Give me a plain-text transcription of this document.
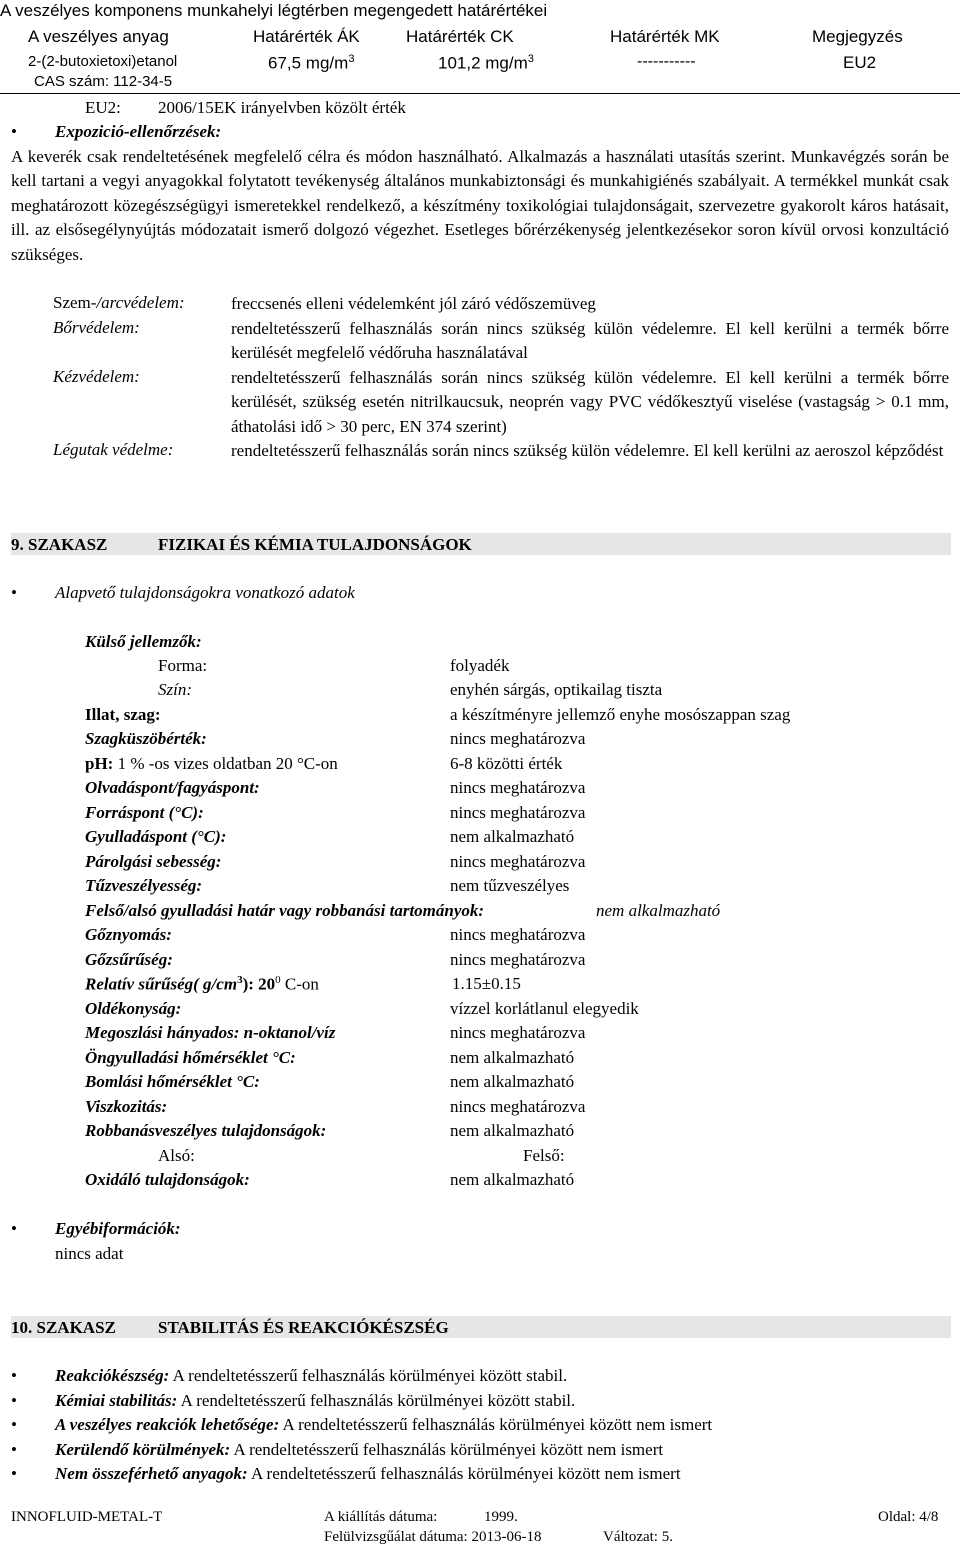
A veszélyes komponens munkahelyi légtérben megengedett határértékei
A veszélyes anyag	Határérték ÁK	Határérték CK	Határérték MK	Megjegyzés
2-(2-butoxietoxi)etanol
CAS szám: 112-34-5
67,5 $mg/m^3$	101,2 $mg/m^3$	-----------	EU2
EU2: 2006/15EK irányelvben közölt érték
• Expozició-ellenőrzések:
A keverék csak rendeltetésének megfelelő célra és módon használható. Alkalmazás a használati utasítás szerint. Munkavégzés során be kell tartani a vegyi anyagokkal folytatott tevékenység általános munkabiztonsági és munkahigiénés szabályait. A termékkel munkát csak meghatározott közegészségügyi ismeretekkel rendelkező, a készítmény toxikológiai tulajdonságait, szervezetre gyakorolt káros hatásait, ill. az elsősegélynyújtás módozatait ismerő dolgozó végezhet. Esetleges bőrérzékenység jelentkezésekor soron kívül orvosi konzultáció szükséges.
Szem-/arcvédelem:	freccsenés elleni védelemként jól záró védőszemüveg
Bőrvédelem:	rendeltetésszerű felhasználás során nincs szükség külön védelemre. El kell kerülni a termék bőrre kerülését megfelelő védőruha használatával
Kézvédelem:	rendeltetésszerű felhasználás során nincs szükség külön védelemre. El kell kerülni a termék bőrre kerülését, szükség esetén nitrilkaucsuk, neoprén vagy PVC védőkesztyű viselése (vastagság > 0.1 mm, áthatolási idő > 30 perc, EN 374 szerint)
Légutak védelme:	rendeltetésszerű felhasználás során nincs szükség külön védelemre. El kell kerülni az aeroszol képződést
9. SZAKASZ	FIZIKAI ÉS KÉMIA TULAJDONSÁGOK
• Alapvető tulajdonságokra vonatkozó adatok
Külső jellemzők:
Forma:	folyadék
Szín:	enyhén sárgás, optikailag tiszta
Illat, szag:	a készítményre jellemző enyhe mosószappan szag
Szagküszöbérték:	nincs meghatározva
pH: 1 % -os vizes oldatban 20 °C-on	6-8 közötti érték
Olvadáspont/fagyáspont:	nincs meghatározva
Forráspont (°C):	nincs meghatározva
Gyulladáspont (°C):	nem alkalmazható
Párolgási sebesség:	nincs meghatározva
Tűzveszélyesség:	nem tűzveszélyes
Felső/alsó gyulladási határ vagy robbanási tartományok:	nem alkalmazható
Gőznyomás:	nincs meghatározva
Gőzsűrűség:	nincs meghatározva
Relatív sűrűség( $g/cm^3$): $20^0$ C-on	1.15±0.15
Oldékonyság:	vízzel korlátlanul elegyedik
Megoszlási hányados: n-oktanol/víz	nincs meghatározva
Öngyulladási hőmérséklet °C:	nem alkalmazható
Bomlási hőmérséklet °C:	nem alkalmazható
Viszkozitás:	nincs meghatározva
Robbanásveszélyes tulajdonságok:	nem alkalmazható
Alsó:	Felső:
Oxidáló tulajdonságok:	nem alkalmazható
• Egyébiformációk:
nincs adat
10. SZAKASZ STABILITÁS ÉS REAKCIÓKÉSZSÉG
• Reakciókészség: A rendeltetésszerű felhasználás körülményei között stabil.
• Kémiai stabilitás: A rendeltetésszerű felhasználás körülményei között stabil.
• A veszélyes reakciók lehetősége: A rendeltetésszerű felhasználás körülményei között nem ismert
• Kerülendő körülmények: A rendeltetésszerű felhasználás körülményei között nem ismert
• Nem összeférhető anyagok: A rendeltetésszerű felhasználás körülményei között nem ismert
INNOFLUID-METAL-T	A kiállítás dátuma:	1999.	Oldal: 4/8
Felülvizsgűálat dátuma: 2013-06-18	Változat: 5.
